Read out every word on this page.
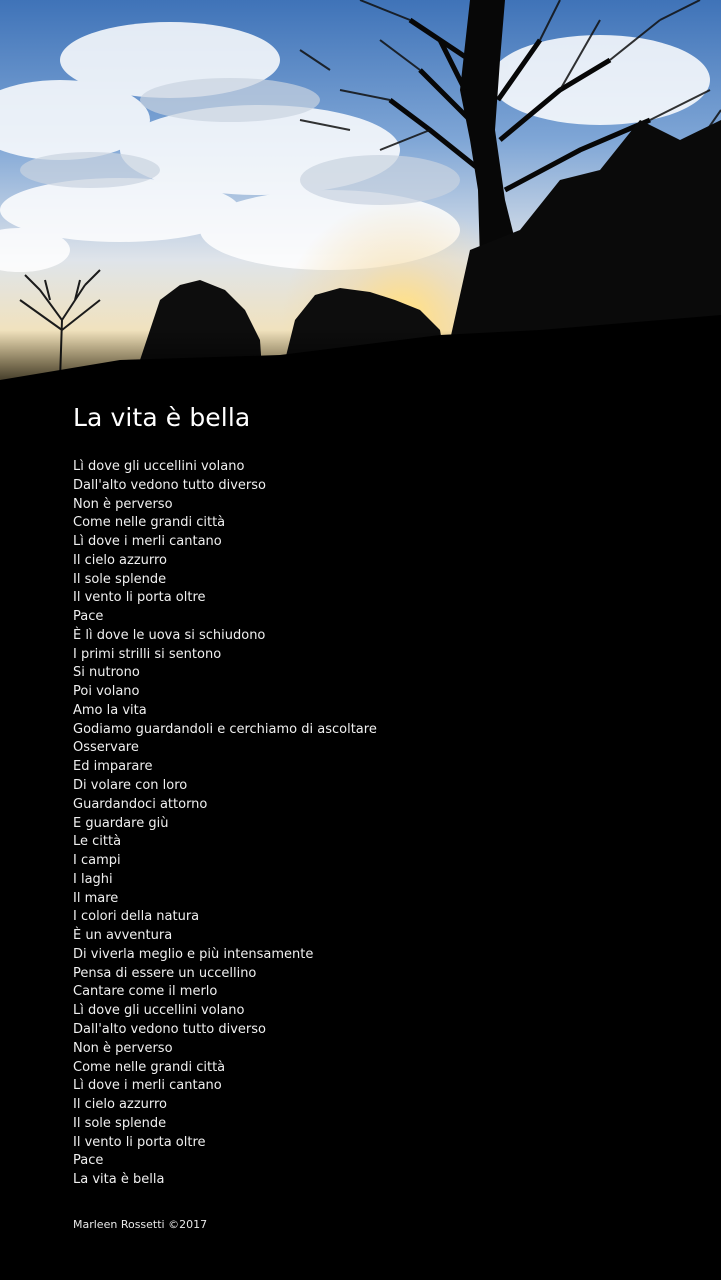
La vita è bella
Lì dove gli uccellini volano
Dall'alto vedono tutto diverso
Non è perverso
Come nelle grandi città
Lì dove i merli cantano
Il cielo azzurro
Il sole splende
Il vento li porta oltre
Pace
È lì dove le uova si schiudono
I primi strilli si sentono
Si nutrono
Poi volano
Amo la vita
Godiamo guardandoli e cerchiamo di ascoltare
Osservare
Ed imparare
Di volare con loro
Guardandoci attorno
E guardare giù
Le città
I campi
I laghi
Il mare
I colori della natura
È un avventura
Di viverla meglio e più intensamente
Pensa di essere un uccellino
Cantare come il merlo
Lì dove gli uccellini volano
Dall'alto vedono tutto diverso
Non è perverso
Come nelle grandi città
Lì dove i merli cantano
Il cielo azzurro
Il sole splende
Il vento li porta oltre
Pace
La vita è bella
Marleen Rossetti ©2017
